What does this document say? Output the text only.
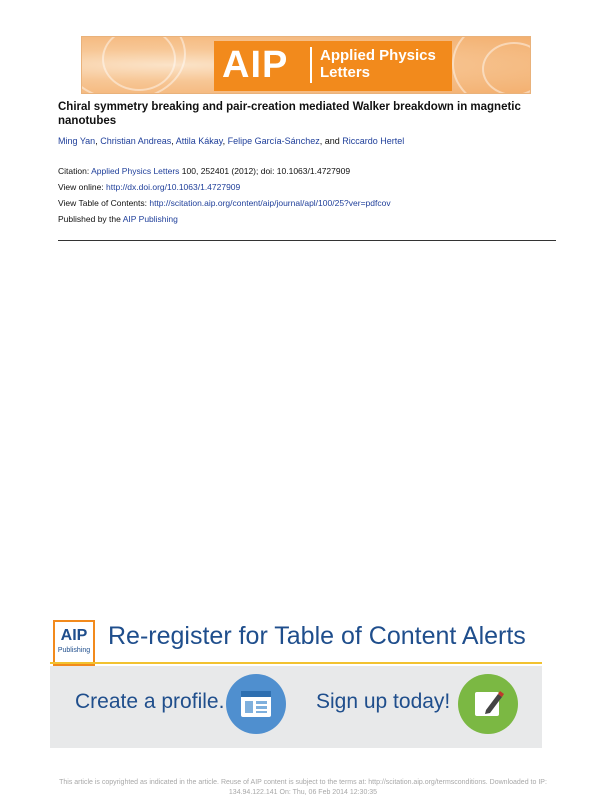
AIP	Applied Physics
Letters
Chiral symmetry breaking and pair-creation mediated Walker breakdown in magnetic nanotubes
Ming Yan, Christian Andreas, Attila Kákay, Felipe García-Sánchez, and Riccardo Hertel
Citation: Applied Physics Letters 100, 252401 (2012); doi: 10.1063/1.4727909
View online: http://dx.doi.org/10.1063/1.4727909
View Table of Contents: http://scitation.aip.org/content/aip/journal/apl/100/25?ver=pdfcov
Published by the AIP Publishing
AIP
Publishing
Re-register for Table of Content Alerts
Create a profile.	Sign up today!
This article is copyrighted as indicated in the article. Reuse of AIP content is subject to the terms at: http://scitation.aip.org/termsconditions. Downloaded to IP:
134.94.122.141 On: Thu, 06 Feb 2014 12:30:35
